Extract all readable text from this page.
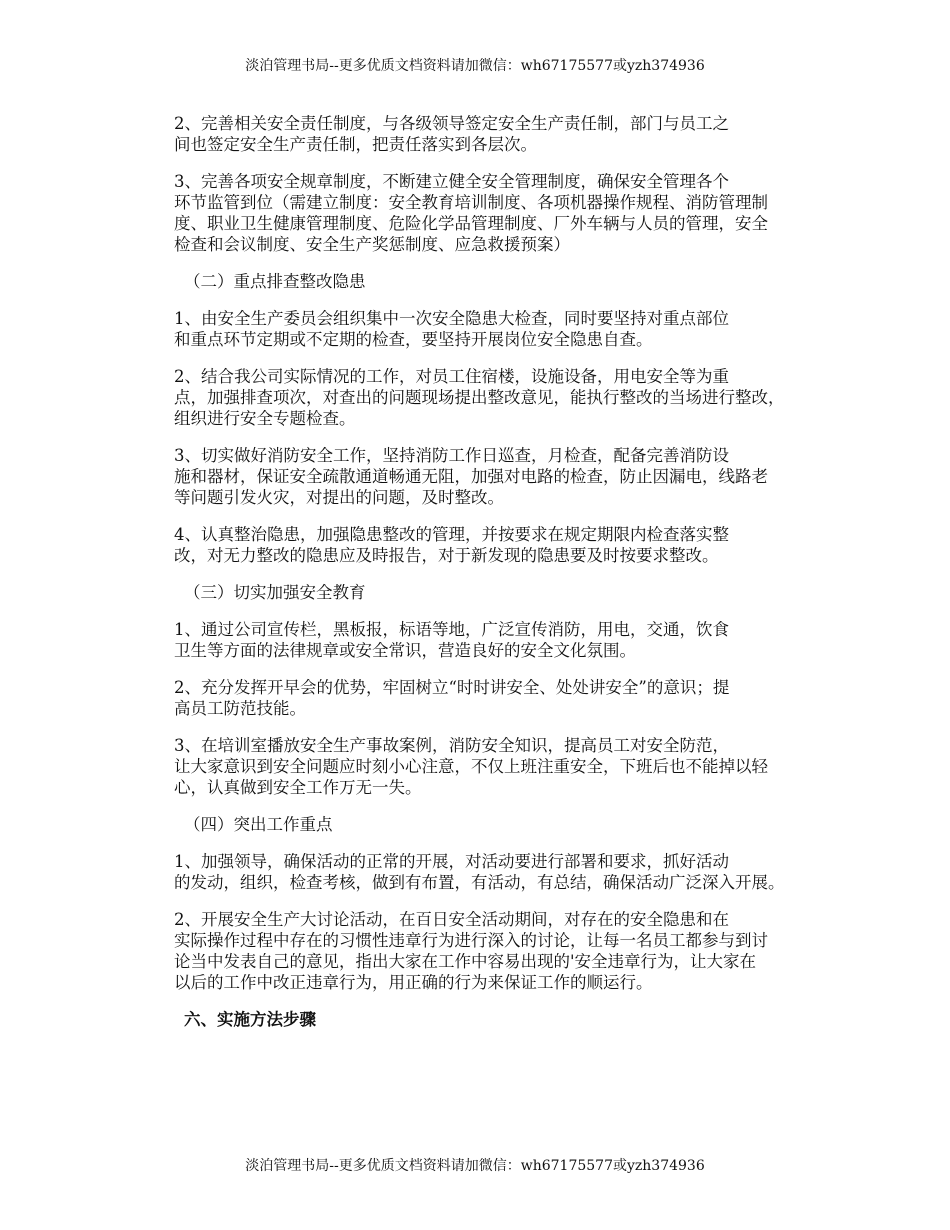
淡泊管理书局--更多优质文档资料请加微信：wh67175577或yzh374936
2、完善相关安全责任制度，与各级领导签定安全生产责任制，部门与员工之
间也签定安全生产责任制，把责任落实到各层次。
3、完善各项安全规章制度，不断建立健全安全管理制度，确保安全管理各个
环节监管到位（需建立制度：安全教育培训制度、各项机器操作规程、消防管理制
度、职业卫生健康管理制度、危险化学品管理制度、厂外车辆与人员的管理，安全
检查和会议制度、安全生产奖惩制度、应急救援预案）
（二）重点排查整改隐患
1、由安全生产委员会组织集中一次安全隐患大检查，同时要坚持对重点部位
和重点环节定期或不定期的检查，要坚持开展岗位安全隐患自查。
2、结合我公司实际情况的工作，对员工住宿楼，设施设备，用电安全等为重
点，加强排查项次，对查出的问题现场提出整改意见，能执行整改的当场进行整改，
组织进行安全专题检查。
3、切实做好消防安全工作，坚持消防工作日巡查，月检查，配备完善消防设
施和器材，保证安全疏散通道畅通无阻，加强对电路的检查，防止因漏电，线路老
等问题引发火灾，对提出的问题，及时整改。
4、认真整治隐患，加强隐患整改的管理，并按要求在规定期限内检查落实整
改，对无力整改的隐患应及時报告，对于新发现的隐患要及时按要求整改。
（三）切实加强安全教育
1、通过公司宣传栏，黑板报，标语等地，广泛宣传消防，用电，交通，饮食
卫生等方面的法律规章或安全常识，营造良好的安全文化氛围。
2、充分发挥开早会的优势，牢固树立“时时讲安全、处处讲安全”的意识；提
高员工防范技能。
3、在培训室播放安全生产事故案例，消防安全知识，提高员工对安全防范，
让大家意识到安全问题应时刻小心注意，不仅上班注重安全，下班后也不能掉以轻
心，认真做到安全工作万无一失。
（四）突出工作重点
1、加强领导，确保活动的正常的开展，对活动要进行部署和要求，抓好活动
的发动，组织，检查考核，做到有布置，有活动，有总结，确保活动广泛深入开展。
2、开展安全生产大讨论活动，在百日安全活动期间，对存在的安全隐患和在
实际操作过程中存在的习惯性违章行为进行深入的讨论，让每一名员工都参与到讨
论当中发表自己的意见，指出大家在工作中容易出现的'安全违章行为，让大家在
以后的工作中改正违章行为，用正确的行为来保证工作的顺运行。
六、实施方法步骤
淡泊管理书局--更多优质文档资料请加微信：wh67175577或yzh374936
